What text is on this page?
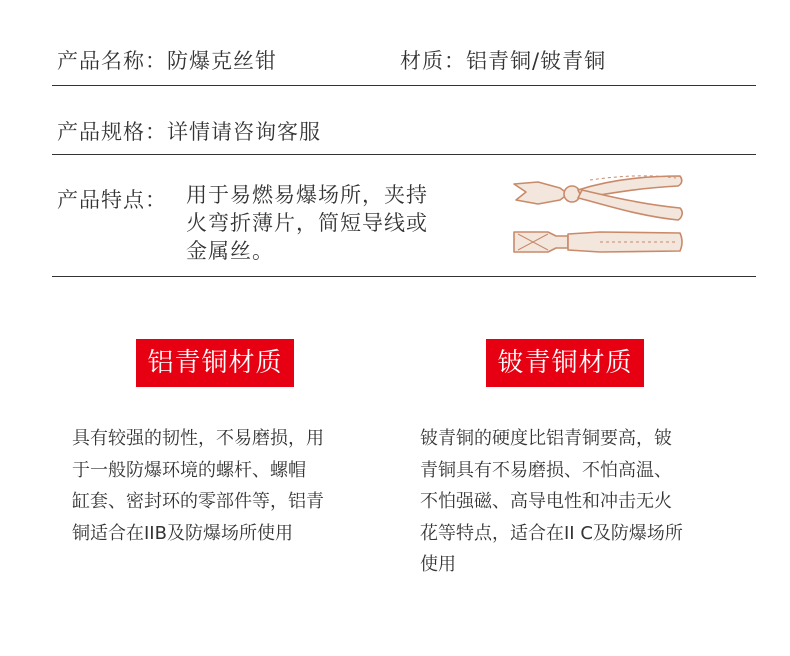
产品名称：防爆克丝钳	材质：铝青铜/铍青铜
产品规格：详情请咨询客服
产品特点： 用于易燃易爆场所，夹持
火弯折薄片，简短导线或
金属丝。
铝青铜材质	铍青铜材质
具有较强的韧性，不易磨损，用
于一般防爆环境的螺杆、螺帽
缸套、密封环的零部件等，铝青
铜适合在IIB及防爆场所使用
铍青铜的硬度比铝青铜要高，铍
青铜具有不易磨损、不怕高温、
不怕强磁、高导电性和冲击无火
花等特点，适合在II C及防爆场所
使用
